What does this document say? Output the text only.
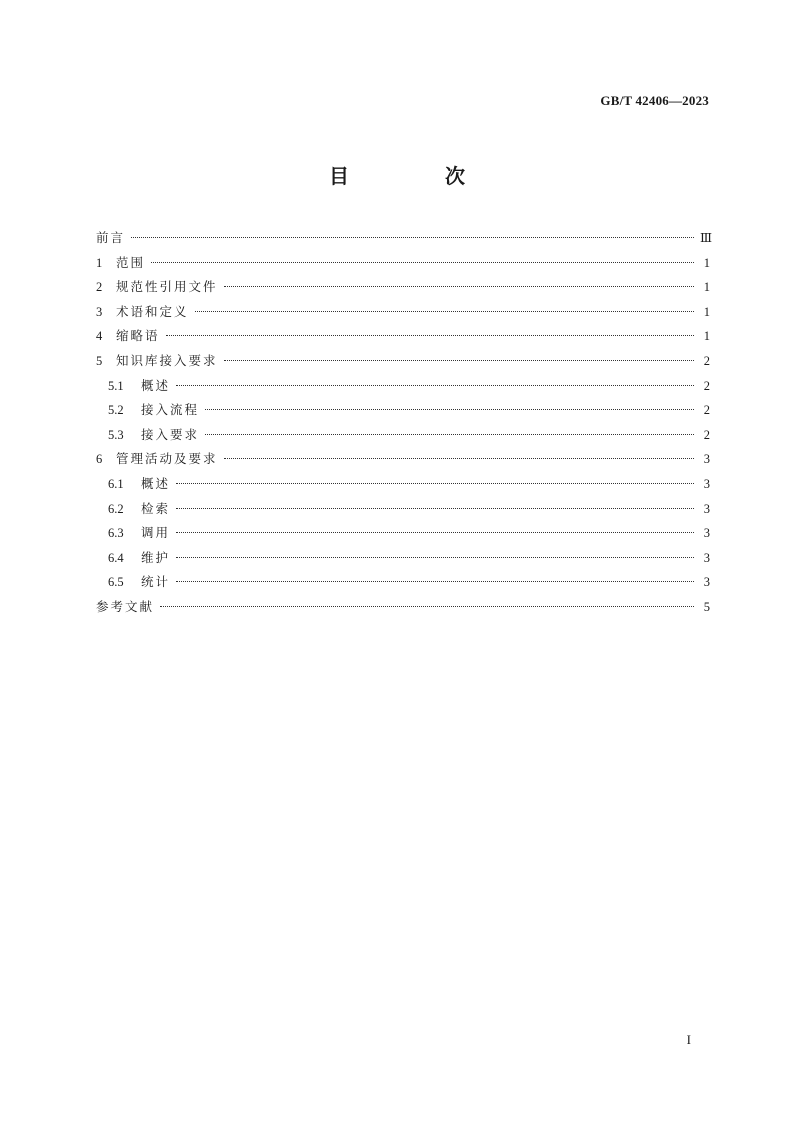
GB/T 42406—2023
目　次
前言	Ⅲ
1	范围	1
2	规范性引用文件	1
3	术语和定义	1
4	缩略语	1
5	知识库接入要求	2
5.1	概述	2
5.2	接入流程	2
5.3	接入要求	2
6	管理活动及要求	3
6.1	概述	3
6.2	检索	3
6.3	调用	3
6.4	维护	3
6.5	统计	3
参考文献	5
I
